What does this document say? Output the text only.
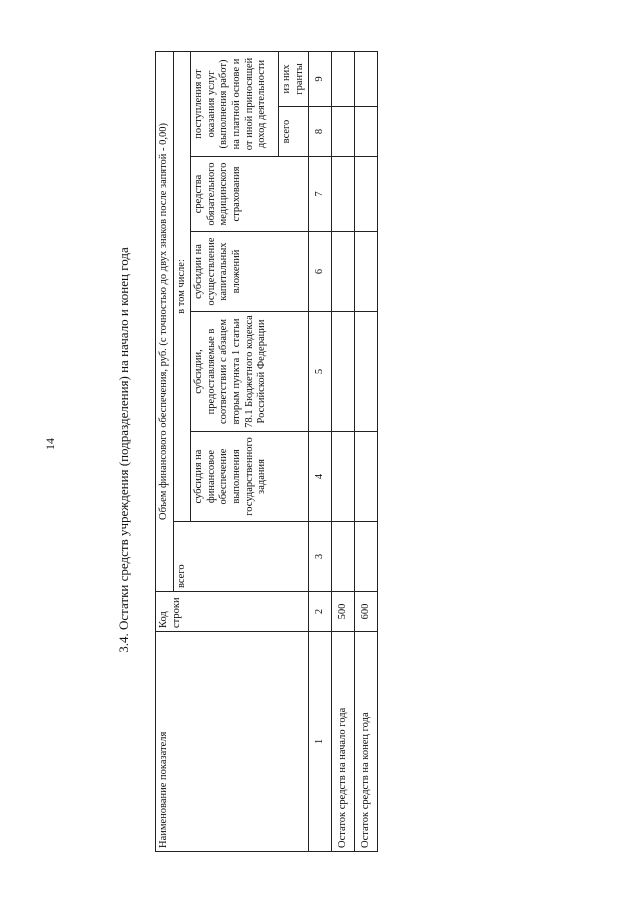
14	3.4. Остатки средств учреждения (подразделения) на начало и конец года
Наименование показателя	Код строки	Объем финансового обеспечения, руб. (с точностью до двух знаков после запятой - 0,00)						
		всего	в том числе:					
			субсидия на финансовое обеспечение выполнения государственного задания	субсидии, предоставляемые в соответствии с абзацем вторым пункта 1 статьи 78.1 Бюджетного кодекса Российской Федерации	субсидии на осуществление капитальных вложений	средства обязательного медицинского страхования	поступления от оказания услуг (выполнения работ) на платной основе и от иной приносящей доход деятельности	
							всего	из них гранты
1	2	3	4	5	6	7	8	9
Остаток средств на начало года	500							
Остаток средств на конец года	600							
